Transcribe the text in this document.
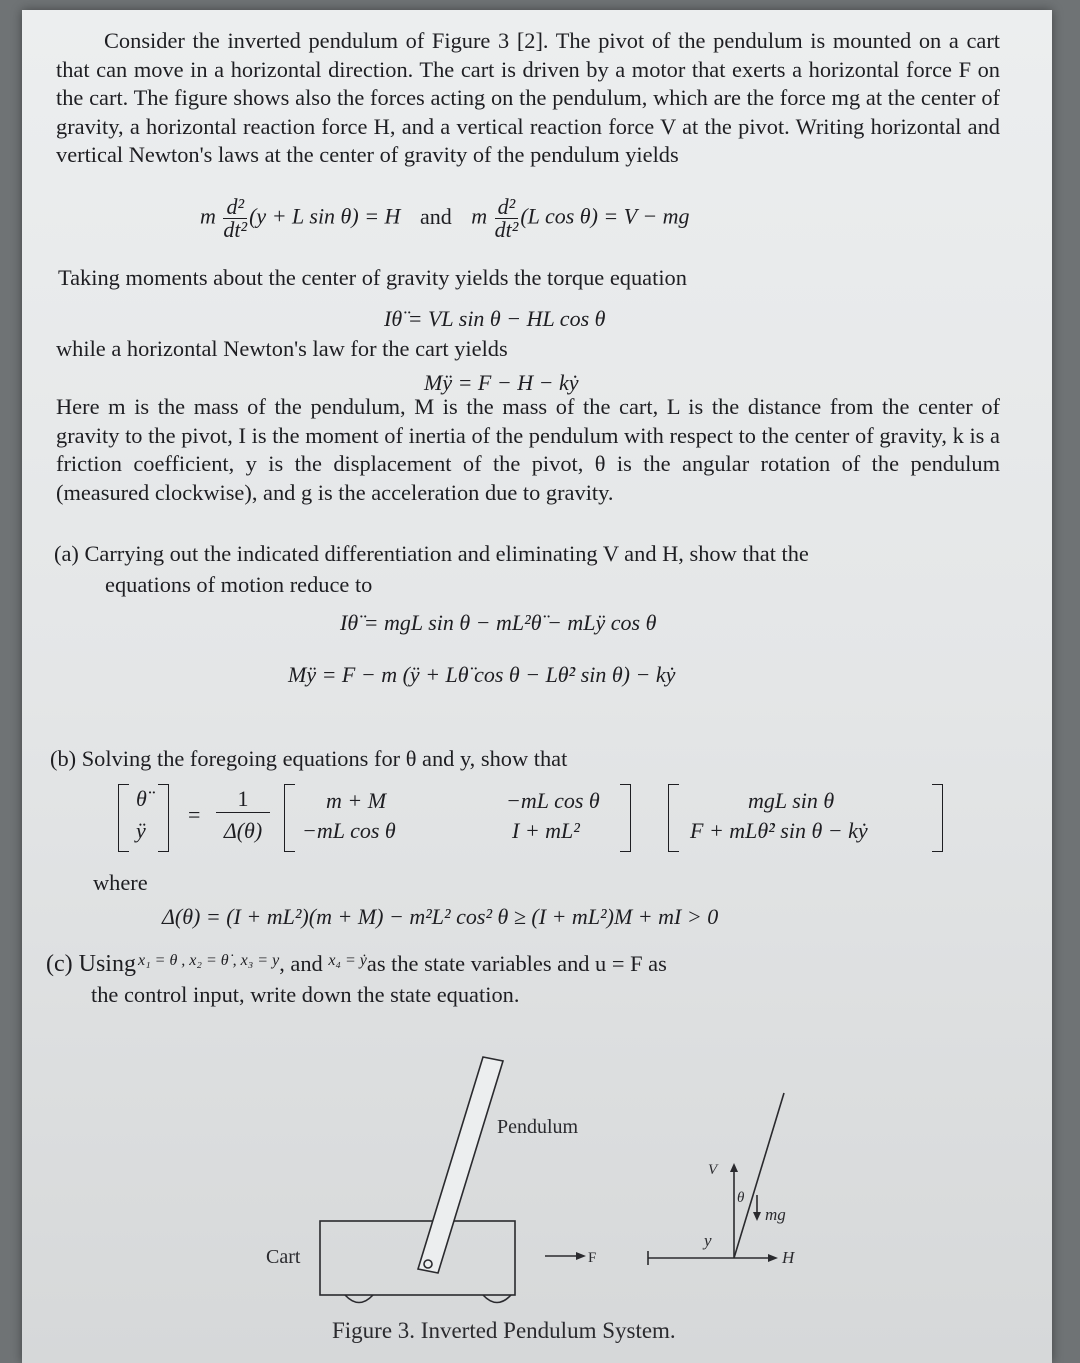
Consider the inverted pendulum of Figure 3 [2]. The pivot of the pendulum is mounted on a cart that can move in a horizontal direction. The cart is driven by a motor that exerts a horizontal force F on the cart. The figure shows also the forces acting on the pendulum, which are the force mg at the center of gravity, a horizontal reaction force H, and a vertical reaction force V at the pivot. Writing horizontal and vertical Newton's laws at the center of gravity of the pendulum yields

m $\frac{\text{d²}}{\text{dt²}} (y + L$ sin θ) = H and m $\frac{\text{d²}}{\text{dt²}} (L$ cos θ) = V − mg

Taking moments about the center of gravity yields the torque equation

Iθ̈ = VL sin θ − HL cos θ

while a horizontal Newton's law for the cart yields

Mÿ = F − H − kẏ

Here m is the mass of the pendulum, M is the mass of the cart, L is the distance from the center of gravity to the pivot, I is the moment of inertia of the pendulum with respect to the center of gravity, k is a friction coefficient, y is the displacement of the pivot, θ is the angular rotation of the pendulum (measured clockwise), and g is the acceleration due to gravity.

(a) Carrying out the indicated differentiation and eliminating V and H, show that the

equations of motion reduce to

Iθ̈ = mgL sin θ − mL²θ̈ − mLÿ cos θ
Mÿ = F − m (ÿ + Lθ̈ cos θ − Lθ̇² sin θ) − kẏ

(b) Solving the foregoing equations for θ and y, show that

θ̈
ÿ
=
1
Δ(θ)
m + M	−mL cos θ
−mL cos θ	I + mL²
mgL sin θ
F + mLθ̇² sin θ − kẏ

where

Δ(θ) = (I + mL²)(m + M) − m²L² cos² θ ≥ (I + mL²)M + mI > 0

(c) Using $^{x_1 = \theta , x_2 = \thetȧ , x_3 = y}$, and $^{x_4 = ẏ}$as the state variables and u = F as

the control input, write down the state equation.

Pendulum
Cart	F
V
θ
mg
y
H
Figure 3. Inverted Pendulum System.
